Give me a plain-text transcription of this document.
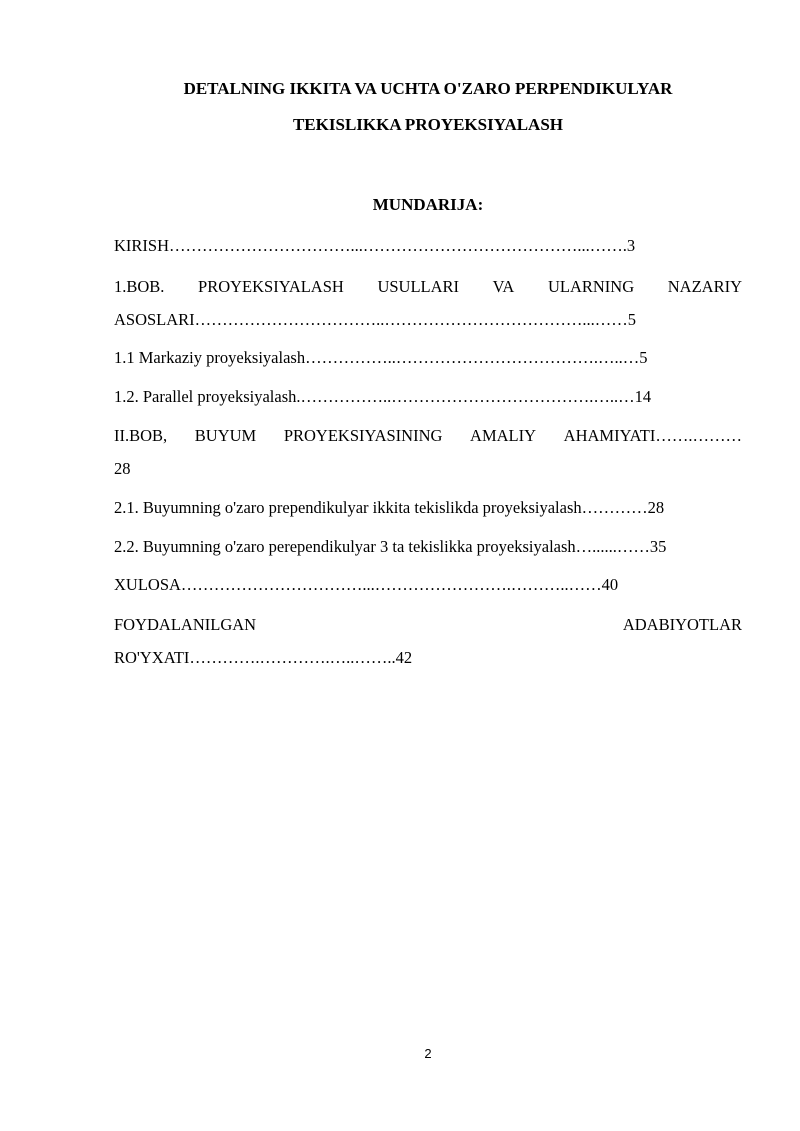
DETALNING IKKITA VA UCHTA O'ZARO PERPENDIKULYAR
TEKISLIKKA PROYEKSIYALASH
MUNDARIJA:
KIRISH……………………………...…………………………………...…….3
1.BOB. PROYEKSIYALASH USULLARI VA ULARNING NAZARIY
ASOSLARI……………………………..………………………………...……5
1.1 Markaziy proyeksiyalash……………..……………………………….…..…5
1.2. Parallel proyeksiyalash.……………..……………………………….…..…14
II.BOB, BUYUM PROYEKSIYASINING AMALIY AHAMIYATI…….………
28
2.1. Buyumning o'zaro prependikulyar ikkita tekislikda proyeksiyalash…………28
2.2. Buyumning o'zaro perependikulyar 3 ta tekislikka proyeksiyalash…......……35
XULOSA……………………………...…………………….………..……40
FOYDALANILGAN	ADABIYOTLAR
RO'YXATI………….………….…..……..42
2
